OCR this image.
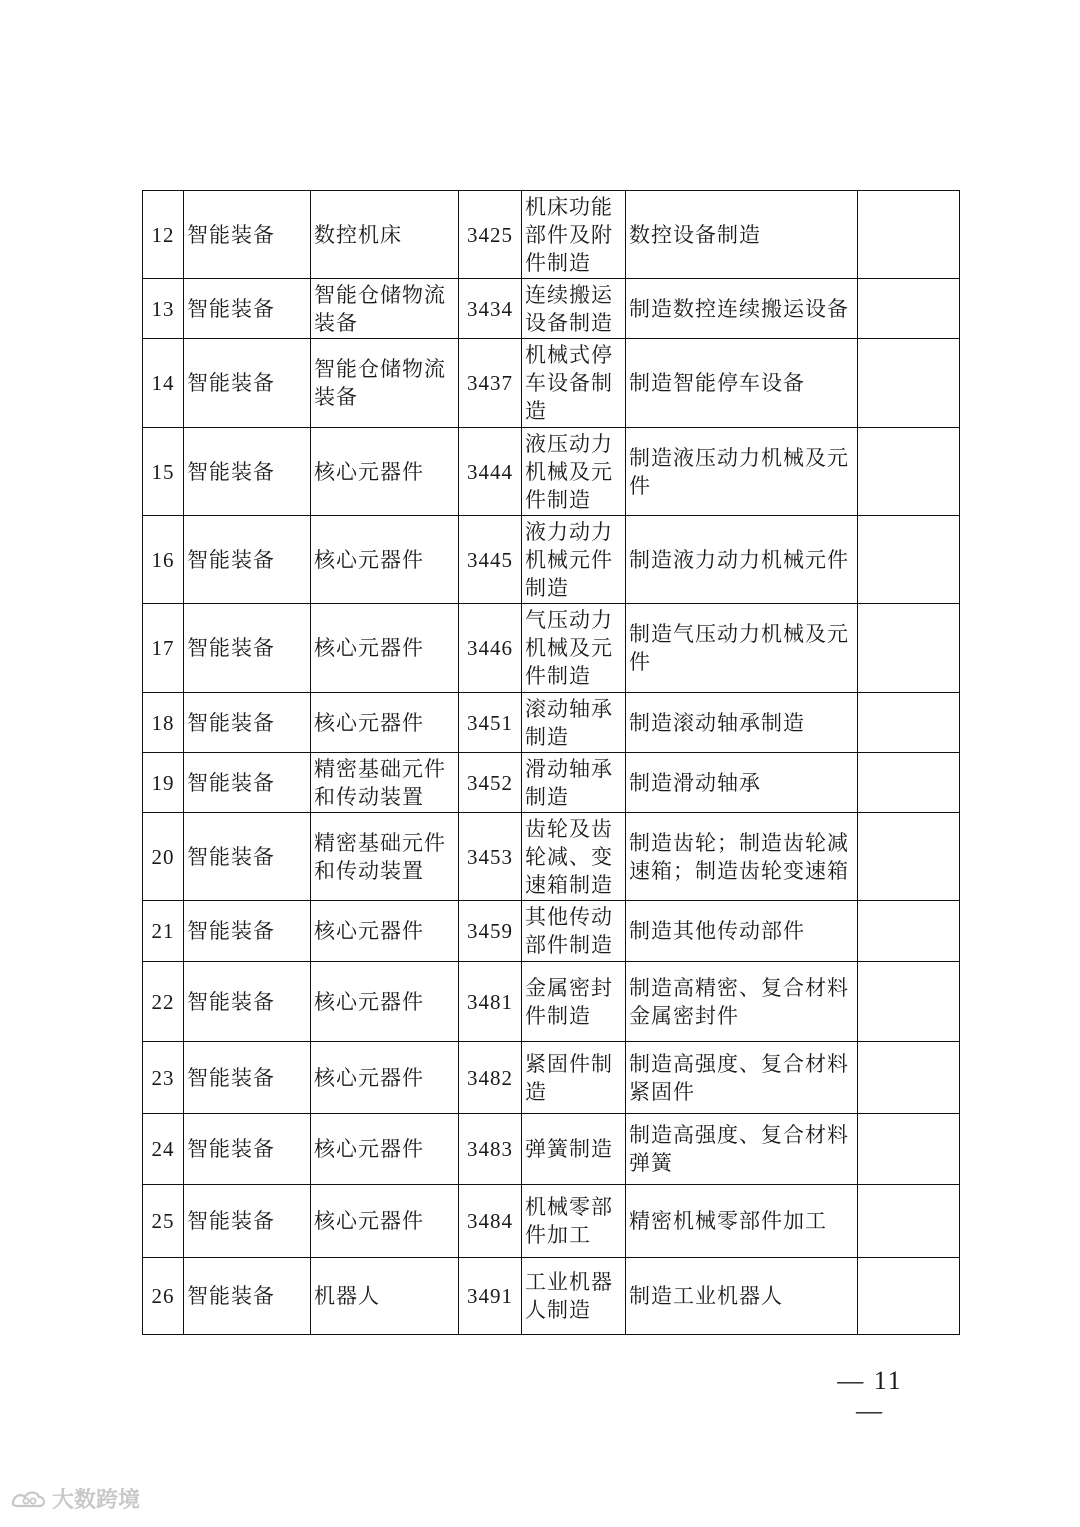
12	智能装备	数控机床	3425	机床功能部件及附件制造	数控设备制造	
13	智能装备	智能仓储物流装备	3434	连续搬运设备制造	制造数控连续搬运设备	
14	智能装备	智能仓储物流装备	3437	机械式停车设备制造	制造智能停车设备	
15	智能装备	核心元器件	3444	液压动力机械及元件制造	制造液压动力机械及元件	
16	智能装备	核心元器件	3445	液力动力机械元件制造	制造液力动力机械元件	
17	智能装备	核心元器件	3446	气压动力机械及元件制造	制造气压动力机械及元件	
18	智能装备	核心元器件	3451	滚动轴承制造	制造滚动轴承制造	
19	智能装备	精密基础元件和传动装置	3452	滑动轴承制造	制造滑动轴承	
20	智能装备	精密基础元件和传动装置	3453	齿轮及齿轮减、变速箱制造	制造齿轮；制造齿轮减速箱；制造齿轮变速箱	
21	智能装备	核心元器件	3459	其他传动部件制造	制造其他传动部件	
22	智能装备	核心元器件	3481	金属密封件制造	制造高精密、复合材料金属密封件	
23	智能装备	核心元器件	3482	紧固件制造	制造高强度、复合材料紧固件	
24	智能装备	核心元器件	3483	弹簧制造	制造高强度、复合材料弹簧	
25	智能装备	核心元器件	3484	机械零部件加工	精密机械零部件加工	
26	智能装备	机器人	3491	工业机器人制造	制造工业机器人	
— 11 —
大数跨境
